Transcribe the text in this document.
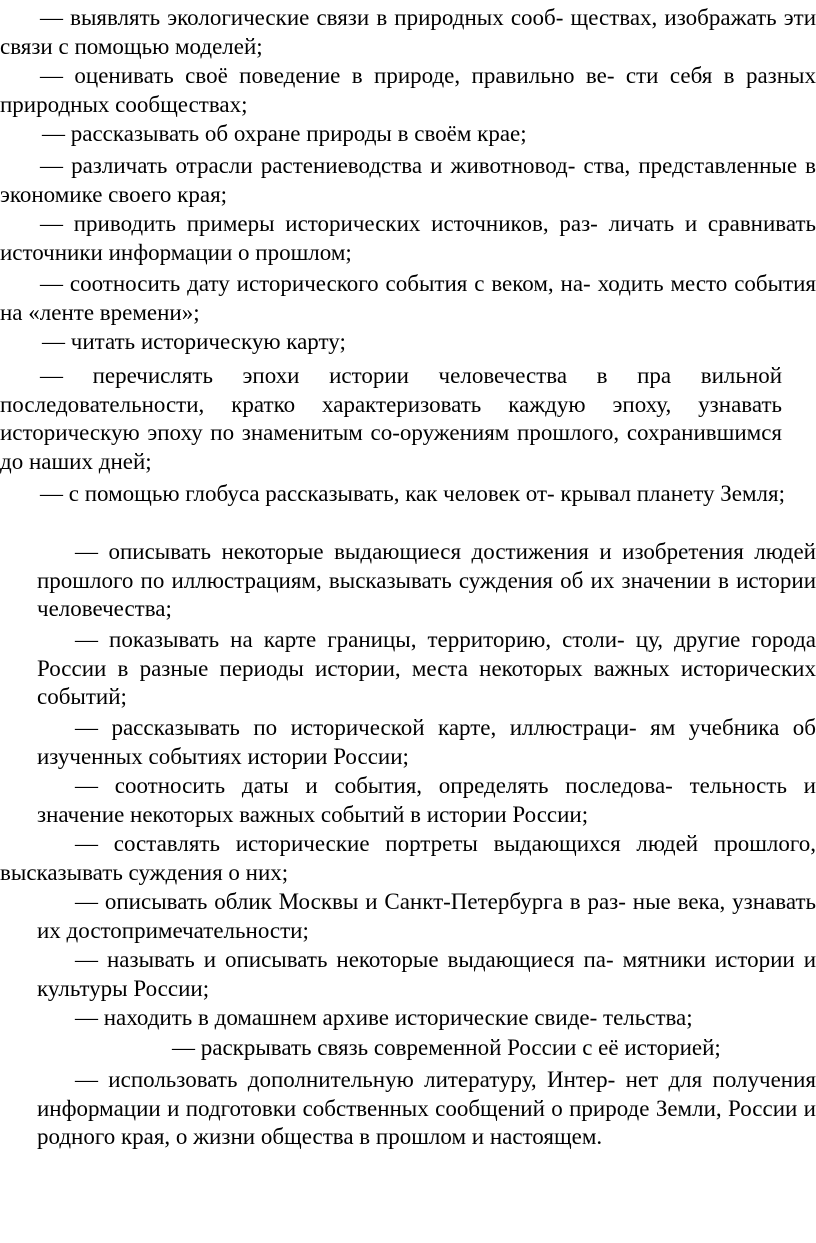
— выявлять экологические связи в природных сооб- ществах, изображать эти связи с помощью моделей;

— оценивать своё поведение в природе, правильно ве- сти себя в разных природных сообществах;

— рассказывать об охране природы в своём крае;

— различать отрасли растениеводства и животновод- ства, представленные в экономике своего края;

— приводить примеры исторических источников, раз- личать и сравнивать источники информации о прошлом;

— соотносить дату исторического события с веком, на- ходить место события на «ленте времени»;

— читать историческую карту;

— перечислять эпохи истории человечества в пра вильной последовательности, кратко характеризовать каждую эпоху, узнавать историческую эпоху по знаменитым со-оружениям прошлого, сохранившимся до наших дней;

— с помощью глобуса рассказывать, как человек от- крывал планету Земля;

— описывать некоторые выдающиеся достижения и изобретения людей прошлого по иллюстрациям, высказывать суждения об их значении в истории человечества;

— показывать на карте границы, территорию, столи- цу, другие города России в разные периоды истории, места некоторых важных исторических событий;

— рассказывать по исторической карте, иллюстраци- ям учебника об изученных событиях истории России;

— соотносить даты и события, определять последова- тельность и значение некоторых важных событий в истории России;

— составлять исторические портреты выдающихся людей прошлого, высказывать суждения о них;

— описывать облик Москвы и Санкт-Петербурга в раз- ные века, узнавать их достопримечательности;

— называть и описывать некоторые выдающиеся па- мятники истории и культуры России;

— находить в домашнем архиве исторические свиде- тельства;

— раскрывать связь современной России с её историей;

— использовать дополнительную литературу, Интер- нет для получения информации и подготовки собственных сообщений о природе Земли, России и родного края, о жизни общества в прошлом и настоящем.
